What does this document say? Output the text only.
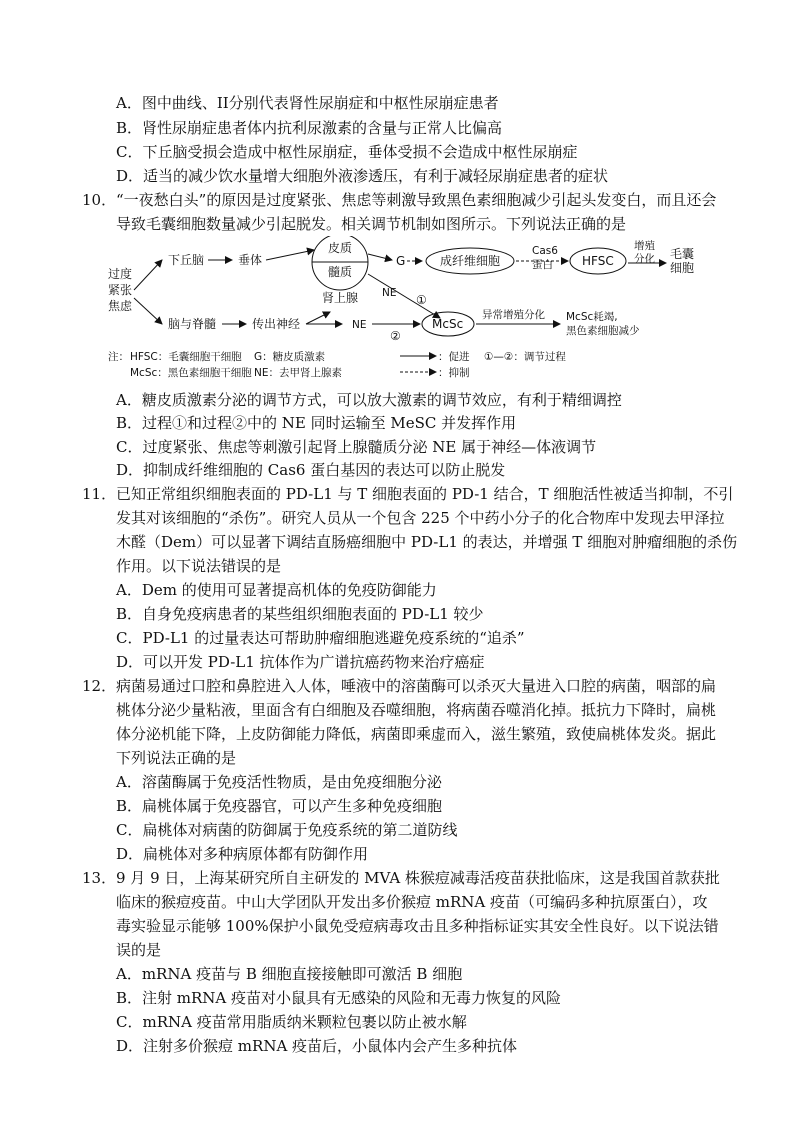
A．图中曲线、II分别代表肾性尿崩症和中枢性尿崩症患者
B．肾性尿崩症患者体内抗利尿激素的含量与正常人比偏高
C．下丘脑受损会造成中枢性尿崩症，垂体受损不会造成中枢性尿崩症
D．适当的减少饮水量增大细胞外液渗透压，有利于减轻尿崩症患者的症状
10． “一夜愁白头”的原因是过度紧张、焦虑等刺激导致黑色素细胞减少引起头发变白，而且还会
导致毛囊细胞数量减少引起脱发。相关调节机制如图所示。下列说法正确的是
过度
紧张
焦虑
下丘脑	垂体
皮质
髓质
肾上腺
G	成纤维细胞
Cas6
蛋白 HFSC
增殖
分化 毛囊
细胞
NE ①
脑与脊髓	传出神经	NE
②
McSc
异常增殖分化 McSc耗竭,
黑色素细胞减少
注： HFSC：毛囊细胞干细胞 G：糖皮质激素
McSc：黑色素细胞干细胞 NE：去甲肾上腺素
：促进
：抑制
①—②：调节过程
A．糖皮质激素分泌的调节方式，可以放大激素的调节效应，有利于精细调控
B．过程①和过程②中的 NE 同时运输至 MeSC 并发挥作用
C．过度紧张、焦虑等刺激引起肾上腺髓质分泌 NE 属于神经—体液调节
D．抑制成纤维细胞的 Cas6 蛋白基因的表达可以防止脱发
11． 已知正常组织细胞表面的 PD-L1 与 T 细胞表面的 PD-1 结合，T 细胞活性被适当抑制，不引
发其对该细胞的“杀伤”。研究人员从一个包含 225 个中药小分子的化合物库中发现去甲泽拉
木醛（Dem）可以显著下调结直肠癌细胞中 PD-L1 的表达，并增强 T 细胞对肿瘤细胞的杀伤
作用。以下说法错误的是
A．Dem 的使用可显著提高机体的免疫防御能力
B．自身免疫病患者的某些组织细胞表面的 PD-L1 较少
C．PD-L1 的过量表达可帮助肿瘤细胞逃避免疫系统的“追杀”
D．可以开发 PD-L1 抗体作为广谱抗癌药物来治疗癌症
12． 病菌易通过口腔和鼻腔进入人体，唾液中的溶菌酶可以杀灭大量进入口腔的病菌，咽部的扁
桃体分泌少量粘液，里面含有白细胞及吞噬细胞，将病菌吞噬消化掉。抵抗力下降时，扁桃
体分泌机能下降，上皮防御能力降低，病菌即乘虚而入，滋生繁殖，致使扁桃体发炎。据此
下列说法正确的是
A．溶菌酶属于免疫活性物质，是由免疫细胞分泌
B．扁桃体属于免疫器官，可以产生多种免疫细胞
C．扁桃体对病菌的防御属于免疫系统的第二道防线
D．扁桃体对多种病原体都有防御作用
13． 9 月 9 日，上海某研究所自主研发的 MVA 株猴痘减毒活疫苗获批临床，这是我国首款获批
临床的猴痘疫苗。中山大学团队开发出多价猴痘 mRNA 疫苗（可编码多种抗原蛋白），攻
毒实验显示能够 100%保护小鼠免受痘病毒攻击且多种指标证实其安全性良好。以下说法错
误的是
A．mRNA 疫苗与 B 细胞直接接触即可激活 B 细胞
B．注射 mRNA 疫苗对小鼠具有无感染的风险和无毒力恢复的风险
C．mRNA 疫苗常用脂质纳米颗粒包裹以防止被水解
D．注射多价猴痘 mRNA 疫苗后，小鼠体内会产生多种抗体
